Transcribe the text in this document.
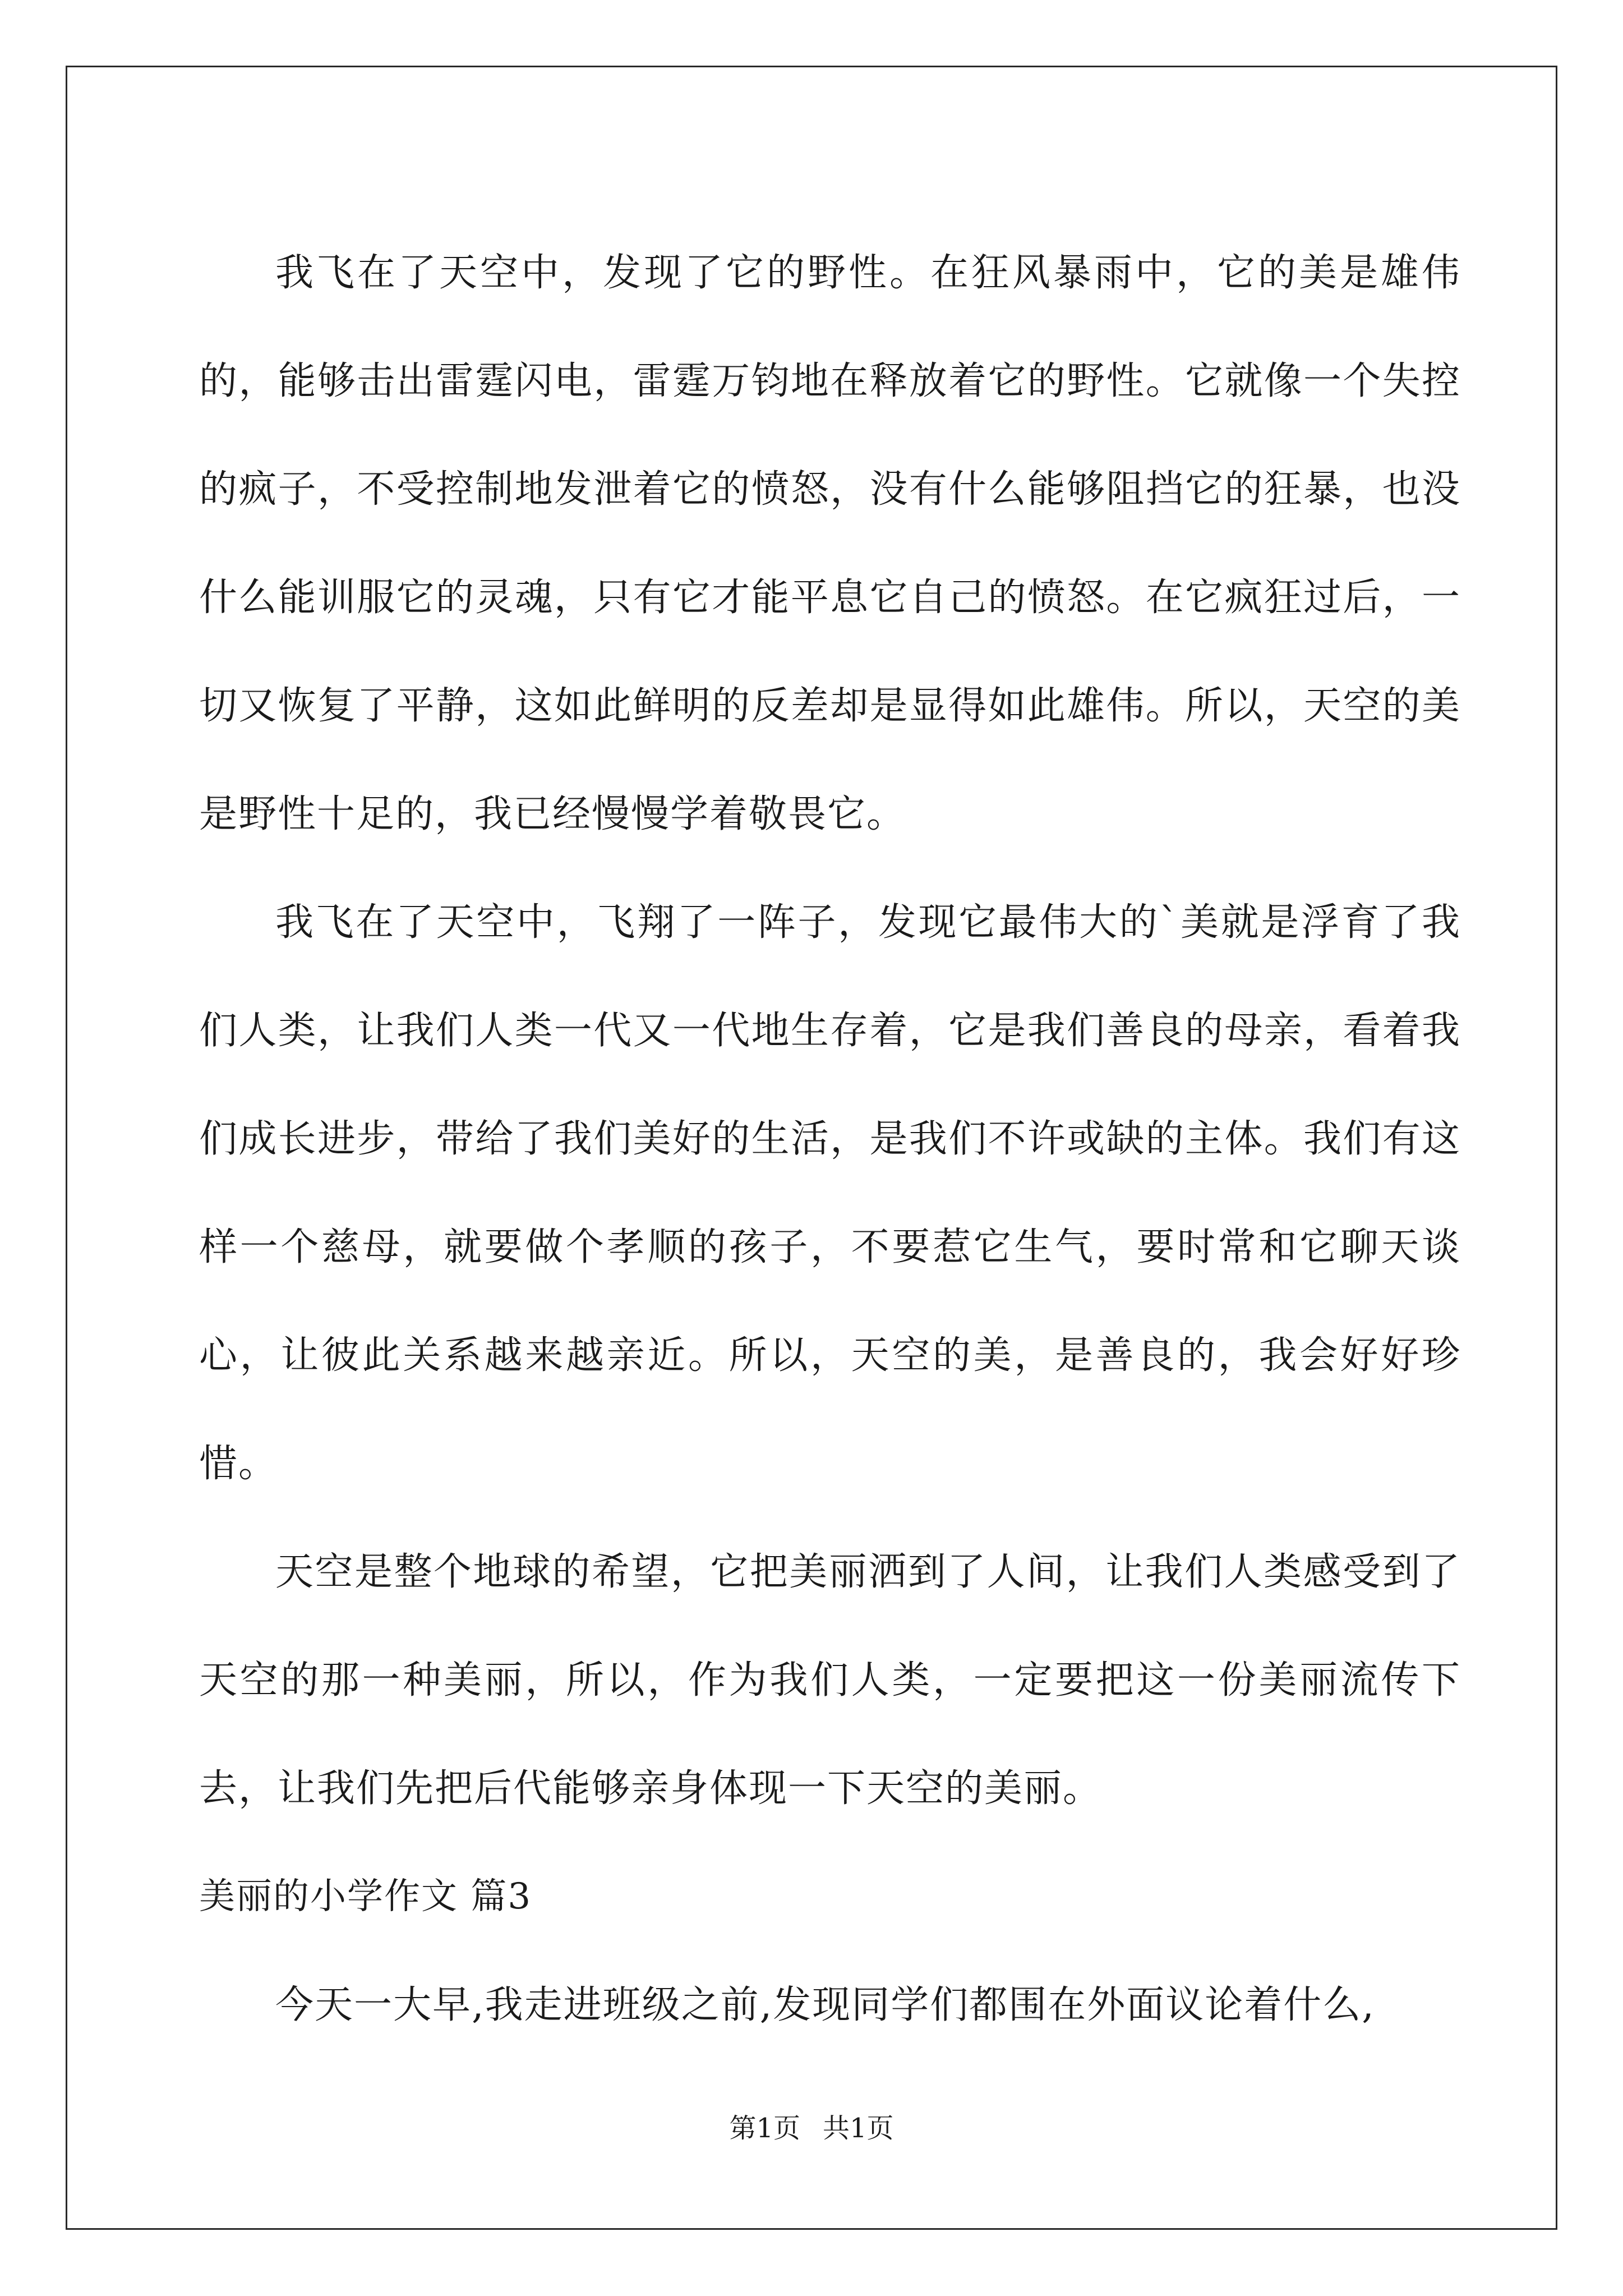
我飞在了天空中，发现了它的野性。在狂风暴雨中，它的美是雄伟的，能够击出雷霆闪电，雷霆万钧地在释放着它的野性。它就像一个失控的疯子，不受控制地发泄着它的愤怒，没有什么能够阻挡它的狂暴，也没什么能训服它的灵魂，只有它才能平息它自己的愤怒。在它疯狂过后，一切又恢复了平静，这如此鲜明的反差却是显得如此雄伟。所以，天空的美是野性十足的，我已经慢慢学着敬畏它。

我飞在了天空中，飞翔了一阵子，发现它最伟大的`美就是浮育了我们人类，让我们人类一代又一代地生存着，它是我们善良的母亲，看着我们成长进步，带给了我们美好的生活，是我们不许或缺的主体。我们有这样一个慈母，就要做个孝顺的孩子，不要惹它生气，要时常和它聊天谈心，让彼此关系越来越亲近。所以，天空的美，是善良的，我会好好珍惜。

天空是整个地球的希望，它把美丽洒到了人间，让我们人类感受到了天空的那一种美丽，所以，作为我们人类，一定要把这一份美丽流传下去，让我们先把后代能够亲身体现一下天空的美丽。

美丽的小学作文 篇3

今天一大早,我走进班级之前,发现同学们都围在外面议论着什么,

第1页 共1页
